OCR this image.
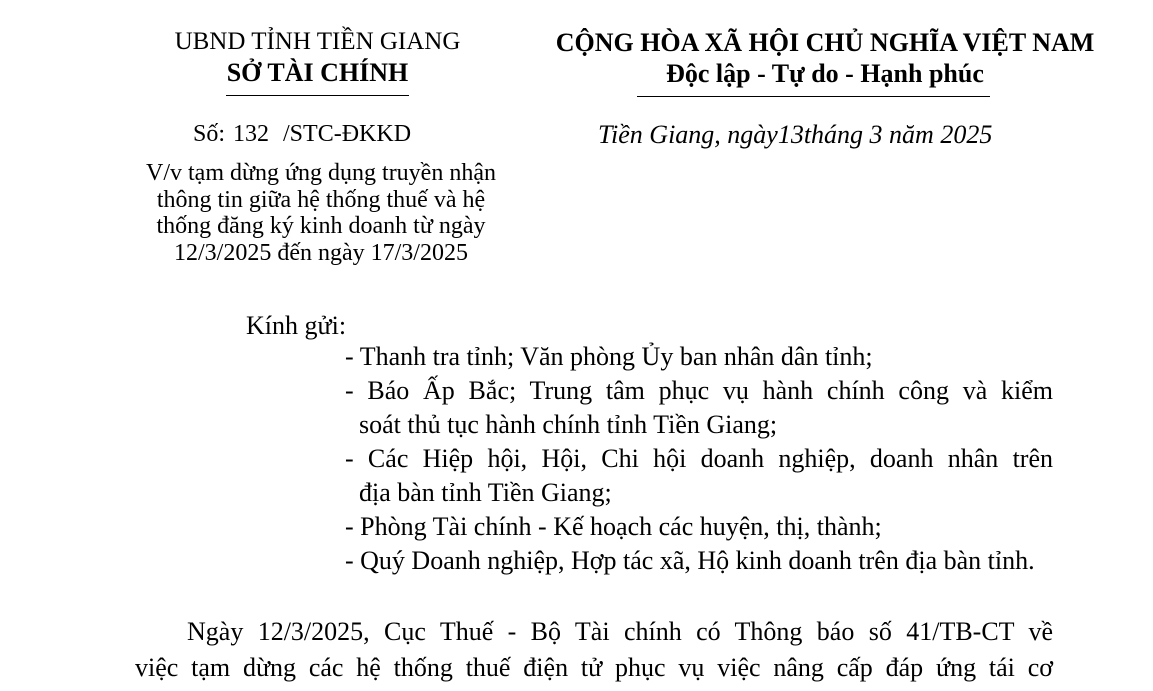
UBND TỈNH TIỀN GIANG
SỞ TÀI CHÍNH
CỘNG HÒA XÃ HỘI CHỦ NGHĨA VIỆT NAM
Độc lập - Tự do - Hạnh phúc
Số: 132 /STC-ĐKKD	Tiền Giang, ngày13tháng 3 năm 2025
V/v tạm dừng ứng dụng truyền nhận
thông tin giữa hệ thống thuế và hệ
thống đăng ký kinh doanh từ ngày
12/3/2025 đến ngày 17/3/2025
Kính gửi:
- Thanh tra tỉnh; Văn phòng Ủy ban nhân dân tỉnh;
- Báo Ấp Bắc; Trung tâm phục vụ hành chính công và kiểm
soát thủ tục hành chính tỉnh Tiền Giang;
- Các Hiệp hội, Hội, Chi hội doanh nghiệp, doanh nhân trên
địa bàn tỉnh Tiền Giang;
- Phòng Tài chính - Kế hoạch các huyện, thị, thành;
- Quý Doanh nghiệp, Hợp tác xã, Hộ kinh doanh trên địa bàn tỉnh.
Ngày 12/3/2025, Cục Thuế - Bộ Tài chính có Thông báo số 41/TB-CT về
việc tạm dừng các hệ thống thuế điện tử phục vụ việc nâng cấp đáp ứng tái cơ
